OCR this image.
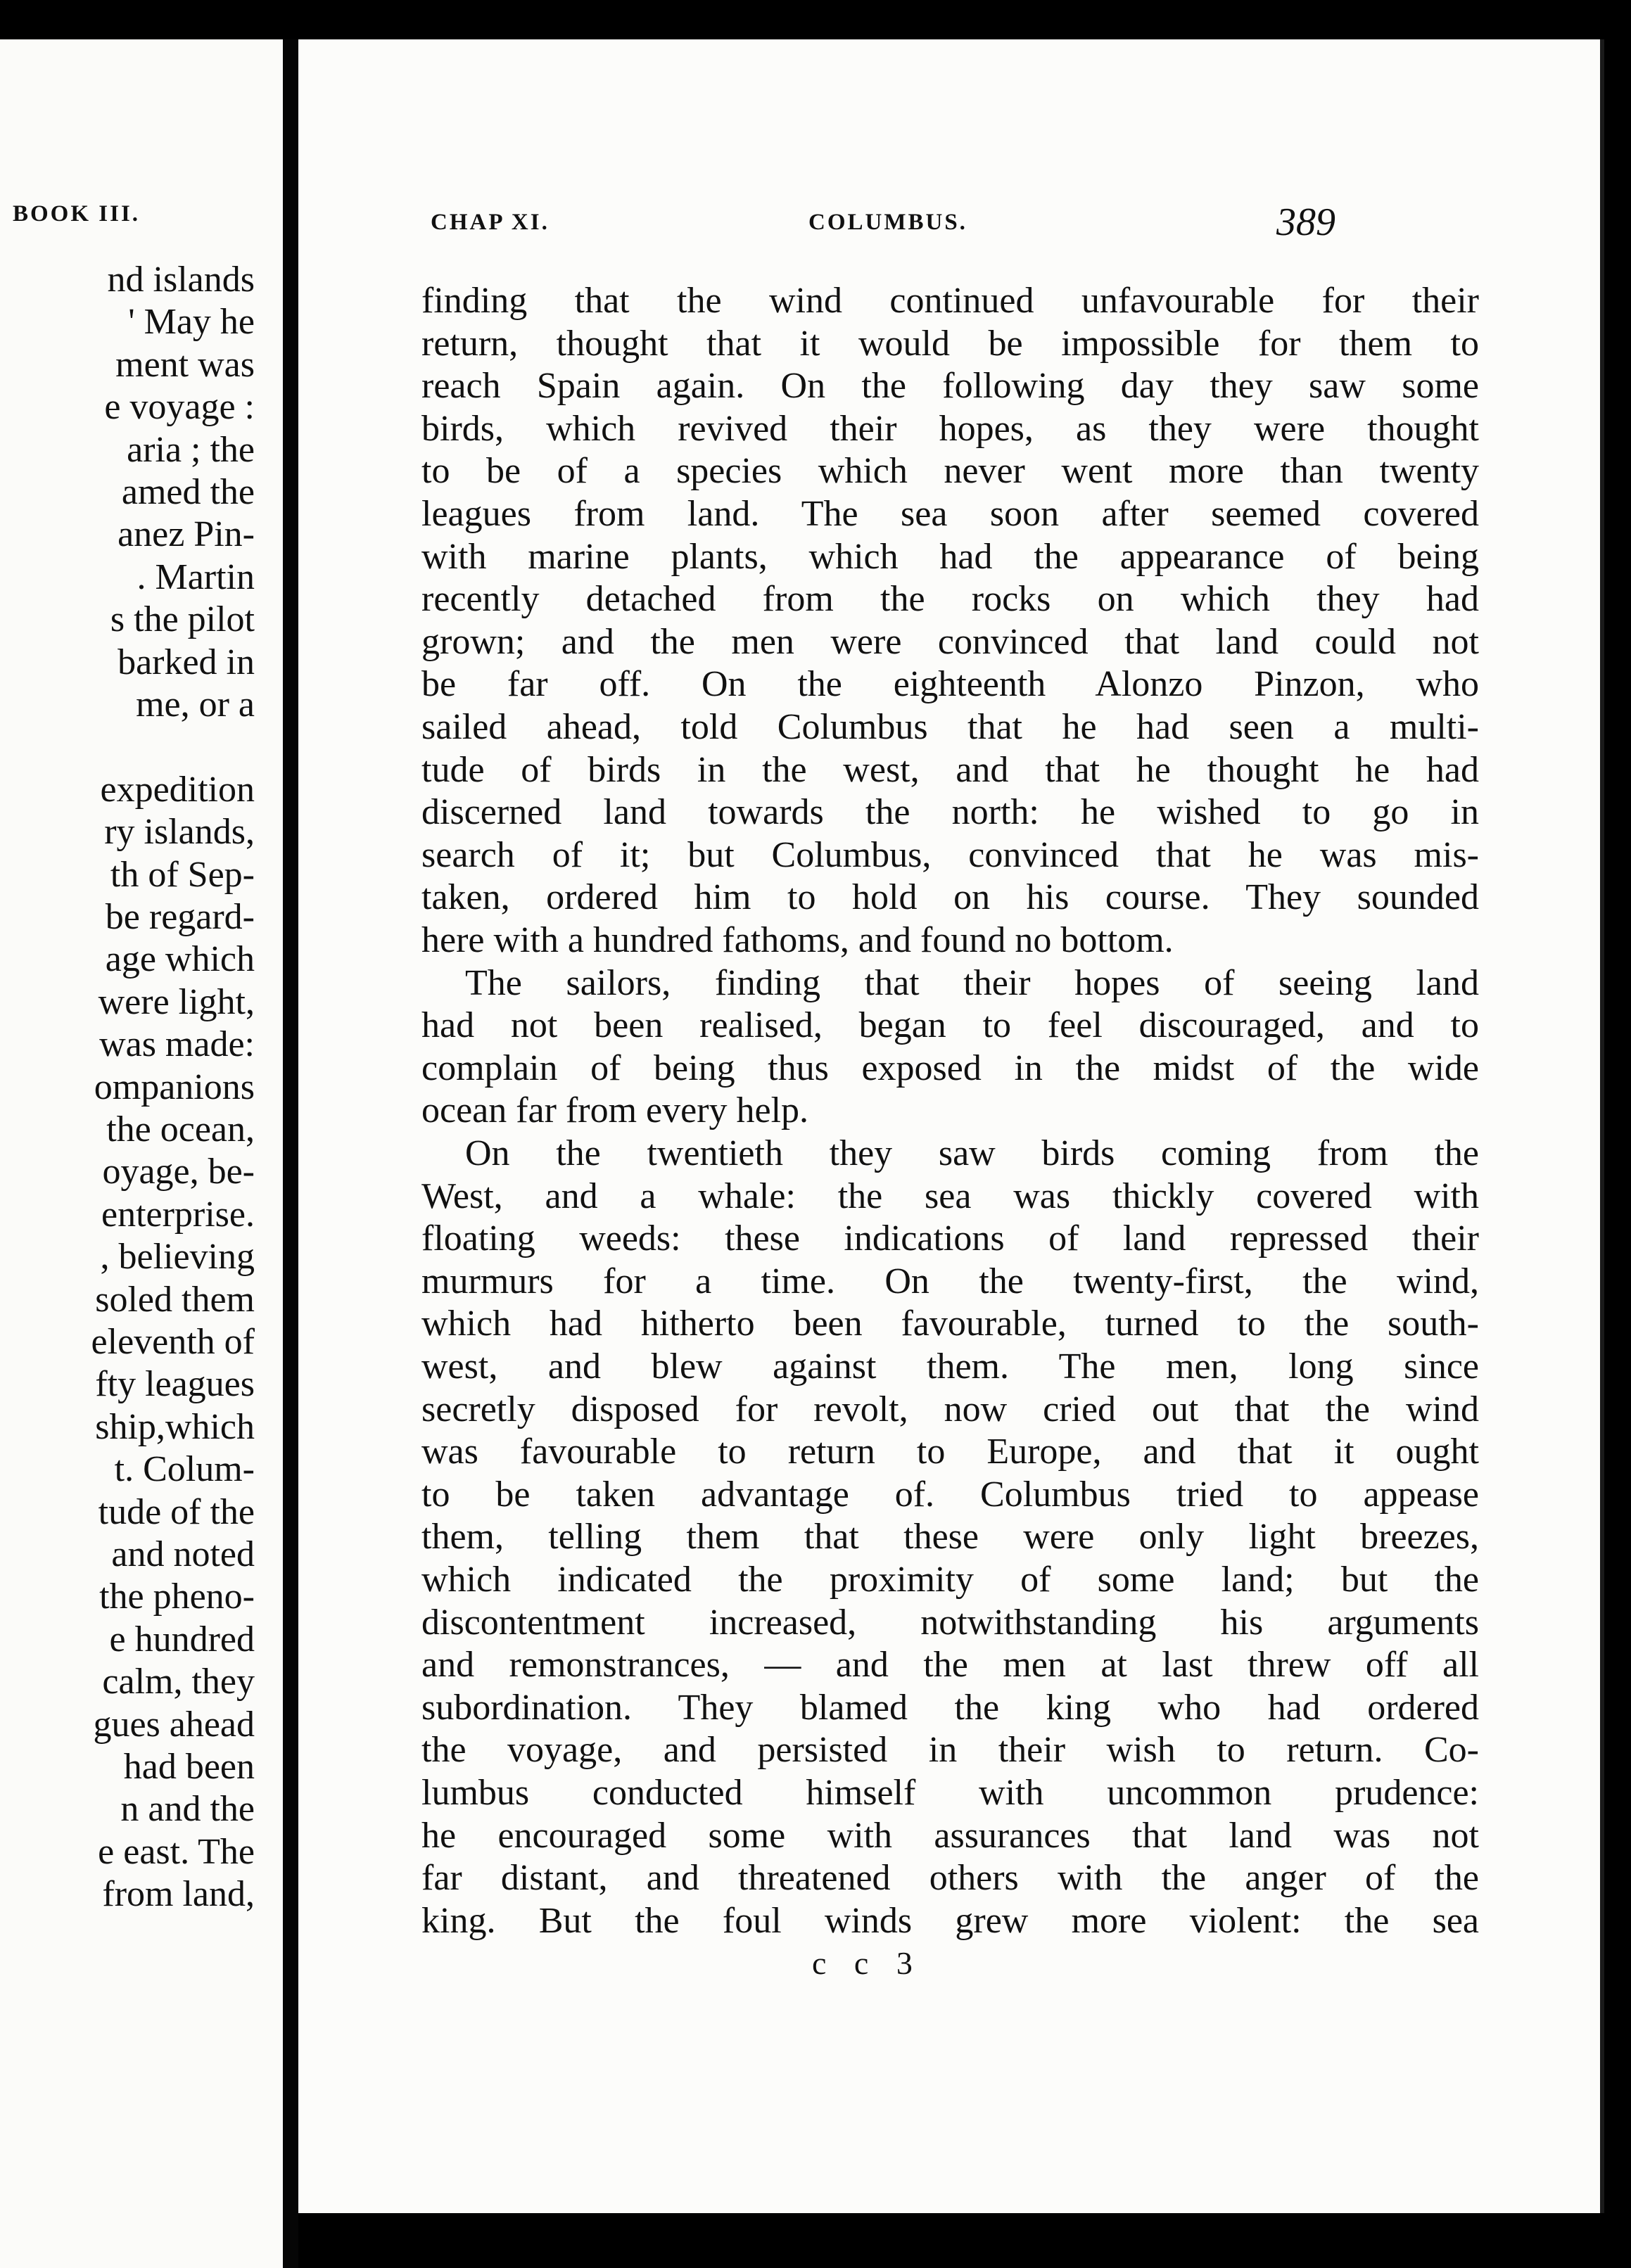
BOOK III.
nd islands
' May he
ment was
e voyage :
aria ; the
amed the
anez Pin-
. Martin
s the pilot
barked in
me, or a
expedition
ry islands,
th of Sep-
be regard-
age which
were light,
was made:
ompanions
the ocean,
oyage, be-
enterprise.
, believing
soled them
eleventh of
fty leagues
ship,which
t. Colum-
tude of the
and noted
the pheno-
e hundred
calm, they
gues ahead
had been
n and the
e east. The
from land,
CHAP XI.	COLUMBUS.	389
finding that the wind continued unfavourable for their
return, thought that it would be impossible for them to
reach Spain again. On the following day they saw some
birds, which revived their hopes, as they were thought
to be of a species which never went more than twenty
leagues from land. The sea soon after seemed covered
with marine plants, which had the appearance of being
recently detached from the rocks on which they had
grown; and the men were convinced that land could not
be far off. On the eighteenth Alonzo Pinzon, who
sailed ahead, told Columbus that he had seen a multi-
tude of birds in the west, and that he thought he had
discerned land towards the north: he wished to go in
search of it; but Columbus, convinced that he was mis-
taken, ordered him to hold on his course. They sounded
here with a hundred fathoms, and found no bottom.
The sailors, finding that their hopes of seeing land
had not been realised, began to feel discouraged, and to
complain of being thus exposed in the midst of the wide
ocean far from every help.
On the twentieth they saw birds coming from the
West, and a whale: the sea was thickly covered with
floating weeds: these indications of land repressed their
murmurs for a time. On the twenty-first, the wind,
which had hitherto been favourable, turned to the south-
west, and blew against them. The men, long since
secretly disposed for revolt, now cried out that the wind
was favourable to return to Europe, and that it ought
to be taken advantage of. Columbus tried to appease
them, telling them that these were only light breezes,
which indicated the proximity of some land; but the
discontentment increased, notwithstanding his arguments
and remonstrances, — and the men at last threw off all
subordination. They blamed the king who had ordered
the voyage, and persisted in their wish to return. Co-
lumbus conducted himself with uncommon prudence:
he encouraged some with assurances that land was not
far distant, and threatened others with the anger of the
king. But the foul winds grew more violent: the sea
c c 3
